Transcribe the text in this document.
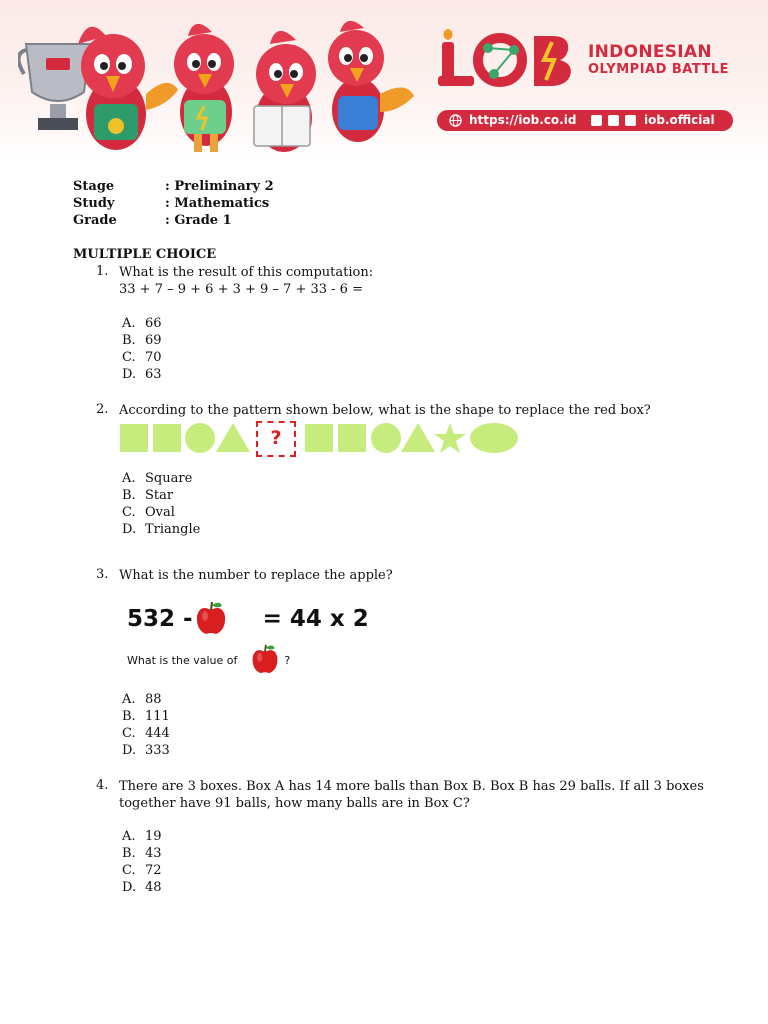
INDONESIAN
OLYMPIAD BATTLE
https://iob.co.id	iob.official
Stage	: Preliminary 2
Study	: Mathematics
Grade	: Grade 1
MULTIPLE CHOICE
1. What is the result of this computation:
33 + 7 – 9 + 6 + 3 + 9 – 7 + 33 - 6 =
A. 66
B. 69
C. 70
D. 63
2. According to the pattern shown below, what is the shape to replace the red box?
?
A. Square
B. Star
C. Oval
D. Triangle
3. What is the number to replace the apple?
532 -	= 44 x 2
What is the value of	?
A. 88
B. 111
C. 444
D. 333
4. There are 3 boxes. Box A has 14 more balls than Box B. Box B has 29 balls. If all 3 boxes
together have 91 balls, how many balls are in Box C?
A. 19
B. 43
C. 72
D. 48
